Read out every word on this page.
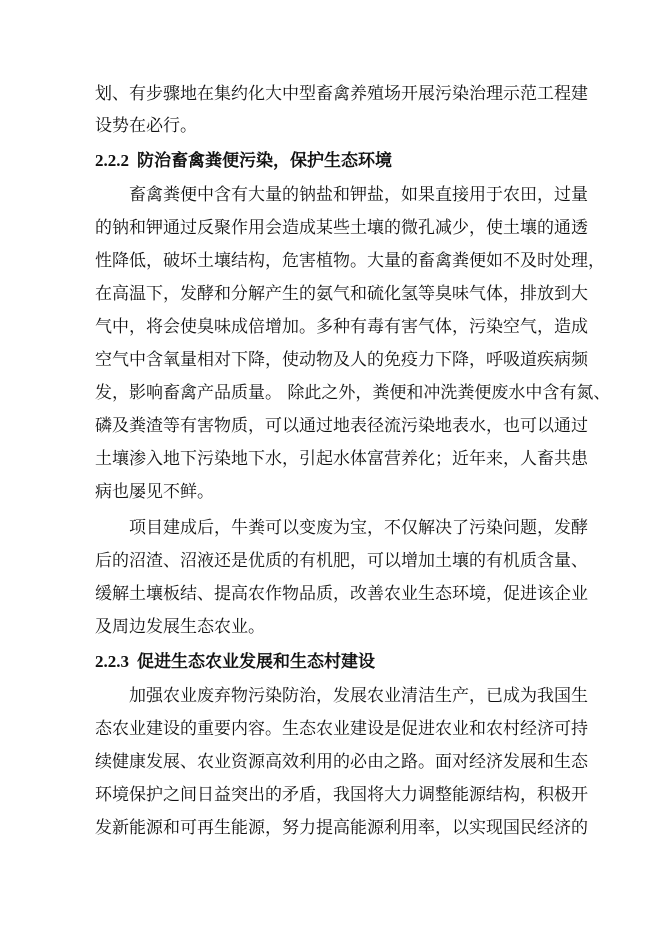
划、有步骤地在集约化大中型畜禽养殖场开展污染治理示范工程建
设势在必行。
2.2.2 防治畜禽粪便污染，保护生态环境
畜禽粪便中含有大量的钠盐和钾盐，如果直接用于农田，过量
的钠和钾通过反聚作用会造成某些土壤的微孔减少，使土壤的通透
性降低，破坏土壤结构，危害植物。大量的畜禽粪便如不及时处理，
在高温下，发酵和分解产生的氨气和硫化氢等臭味气体，排放到大
气中，将会使臭味成倍增加。多种有毒有害气体，污染空气，造成
空气中含氧量相对下降，使动物及人的免疫力下降，呼吸道疾病频
发，影响畜禽产品质量。 除此之外，粪便和冲洗粪便废水中含有氮、
磷及粪渣等有害物质，可以通过地表径流污染地表水，也可以通过
土壤渗入地下污染地下水，引起水体富营养化；近年来，人畜共患
病也屡见不鲜。
项目建成后，牛粪可以变废为宝，不仅解决了污染问题，发酵
后的沼渣、沼液还是优质的有机肥，可以增加土壤的有机质含量、
缓解土壤板结、提高农作物品质，改善农业生态环境，促进该企业
及周边发展生态农业。
2.2.3 促进生态农业发展和生态村建设
加强农业废弃物污染防治，发展农业清洁生产，已成为我国生
态农业建设的重要内容。生态农业建设是促进农业和农村经济可持
续健康发展、农业资源高效利用的必由之路。面对经济发展和生态
环境保护之间日益突出的矛盾，我国将大力调整能源结构，积极开
发新能源和可再生能源，努力提高能源利用率，以实现国民经济的
